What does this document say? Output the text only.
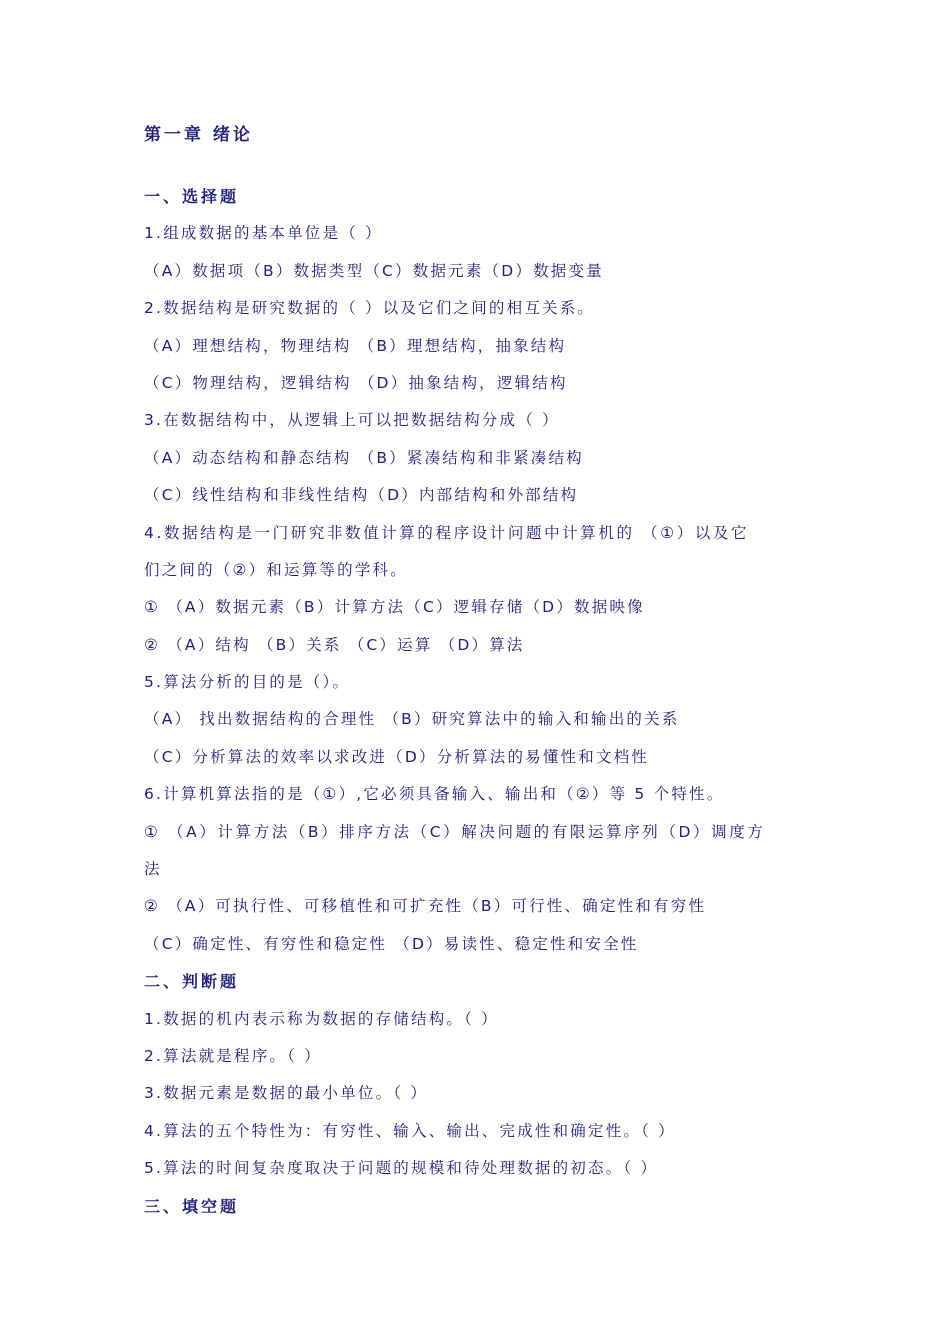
第一章 绪论
一、选择题
1.组成数据的基本单位是（ ）
（A）数据项（B）数据类型（C）数据元素（D）数据变量
2.数据结构是研究数据的（ ）以及它们之间的相互关系。
（A）理想结构，物理结构 （B）理想结构，抽象结构
（C）物理结构，逻辑结构 （D）抽象结构，逻辑结构
3.在数据结构中，从逻辑上可以把数据结构分成（ ）
（A）动态结构和静态结构 （B）紧凑结构和非紧凑结构
（C）线性结构和非线性结构（D）内部结构和外部结构
4.数据结构是一门研究非数值计算的程序设计问题中计算机的 （①）以及它
们之间的（②）和运算等的学科。
① （A）数据元素（B）计算方法（C）逻辑存储（D）数据映像
② （A）结构 （B）关系 （C）运算 （D）算法
5.算法分析的目的是（）。
（A） 找出数据结构的合理性 （B）研究算法中的输入和输出的关系
（C）分析算法的效率以求改进（D）分析算法的易懂性和文档性
6.计算机算法指的是（①）,它必须具备输入、输出和（②）等 5 个特性。
① （A）计算方法（B）排序方法（C）解决问题的有限运算序列（D）调度方
法
② （A）可执行性、可移植性和可扩充性（B）可行性、确定性和有穷性
（C）确定性、有穷性和稳定性 （D）易读性、稳定性和安全性
二、判断题
1.数据的机内表示称为数据的存储结构。（ ）
2.算法就是程序。（ ）
3.数据元素是数据的最小单位。（ ）
4.算法的五个特性为：有穷性、输入、输出、完成性和确定性。（ ）
5.算法的时间复杂度取决于问题的规模和待处理数据的初态。（ ）
三、填空题
